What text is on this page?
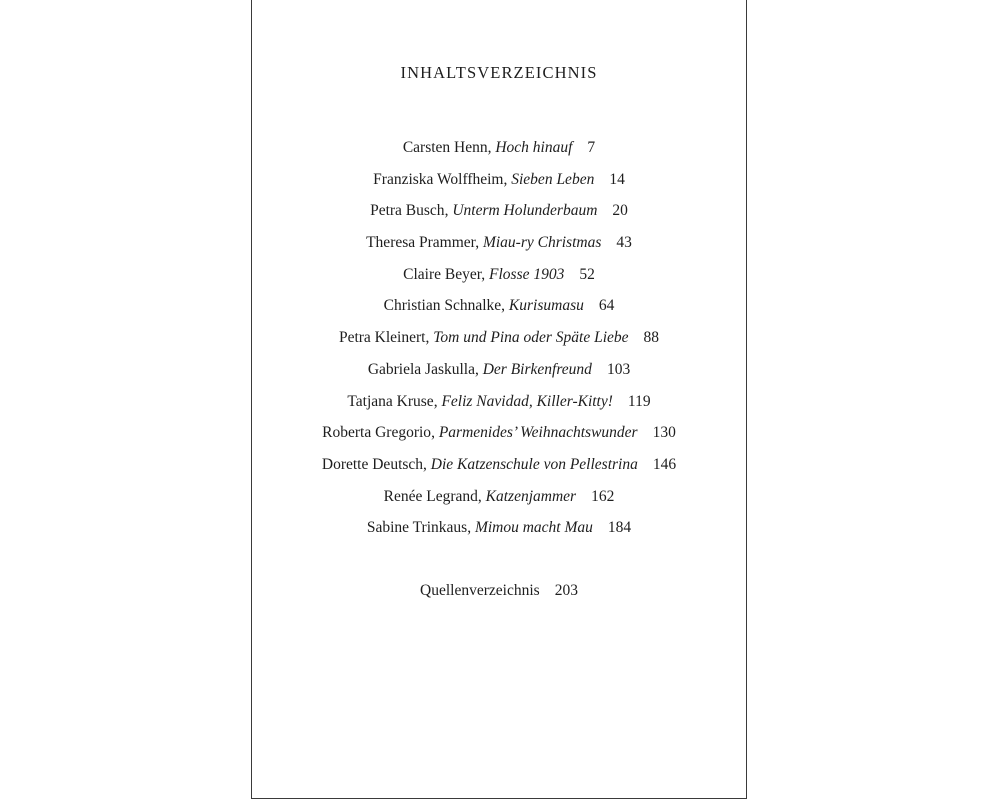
INHALTSVERZEICHNIS
Carsten Henn, Hoch hinauf 7
Franziska Wolffheim, Sieben Leben 14
Petra Busch, Unterm Holunderbaum 20
Theresa Prammer, Miau-ry Christmas 43
Claire Beyer, Flosse 1903 52
Christian Schnalke, Kurisumasu 64
Petra Kleinert, Tom und Pina oder Späte Liebe 88
Gabriela Jaskulla, Der Birkenfreund 103
Tatjana Kruse, Feliz Navidad, Killer-Kitty! 119
Roberta Gregorio, Parmenides’ Weihnachtswunder 130
Dorette Deutsch, Die Katzenschule von Pellestrina 146
Renée Legrand, Katzenjammer 162
Sabine Trinkaus, Mimou macht Mau 184
Quellenverzeichnis 203
